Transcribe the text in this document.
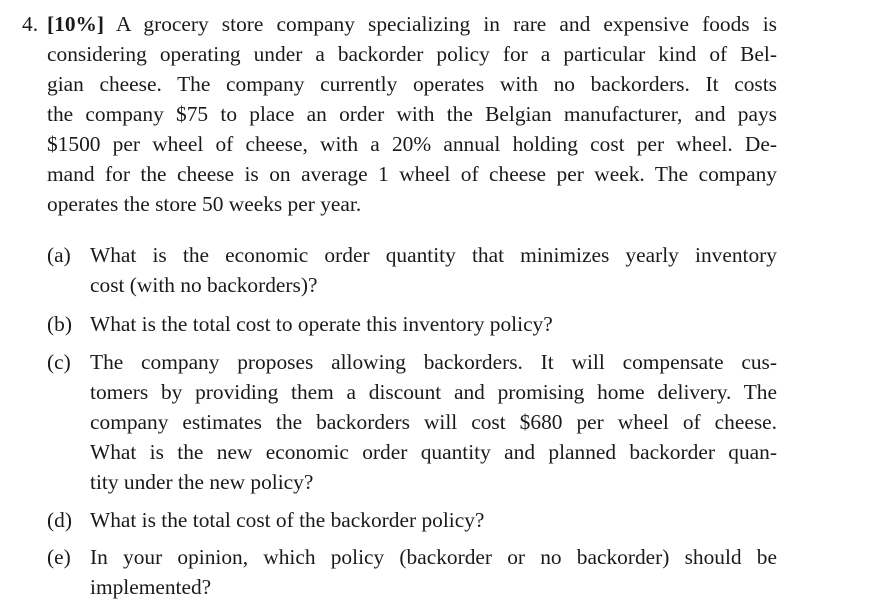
4. [10%] A grocery store company specializing in rare and expensive foods is
considering operating under a backorder policy for a particular kind of Bel-
gian cheese. The company currently operates with no backorders. It costs
the company $75 to place an order with the Belgian manufacturer, and pays
$1500 per wheel of cheese, with a 20% annual holding cost per wheel. De-
mand for the cheese is on average 1 wheel of cheese per week. The company
operates the store 50 weeks per year.
(a) What is the economic order quantity that minimizes yearly inventory
cost (with no backorders)?
(b) What is the total cost to operate this inventory policy?
(c) The company proposes allowing backorders. It will compensate cus-
tomers by providing them a discount and promising home delivery. The
company estimates the backorders will cost $680 per wheel of cheese.
What is the new economic order quantity and planned backorder quan-
tity under the new policy?
(d) What is the total cost of the backorder policy?
(e) In your opinion, which policy (backorder or no backorder) should be
implemented?
